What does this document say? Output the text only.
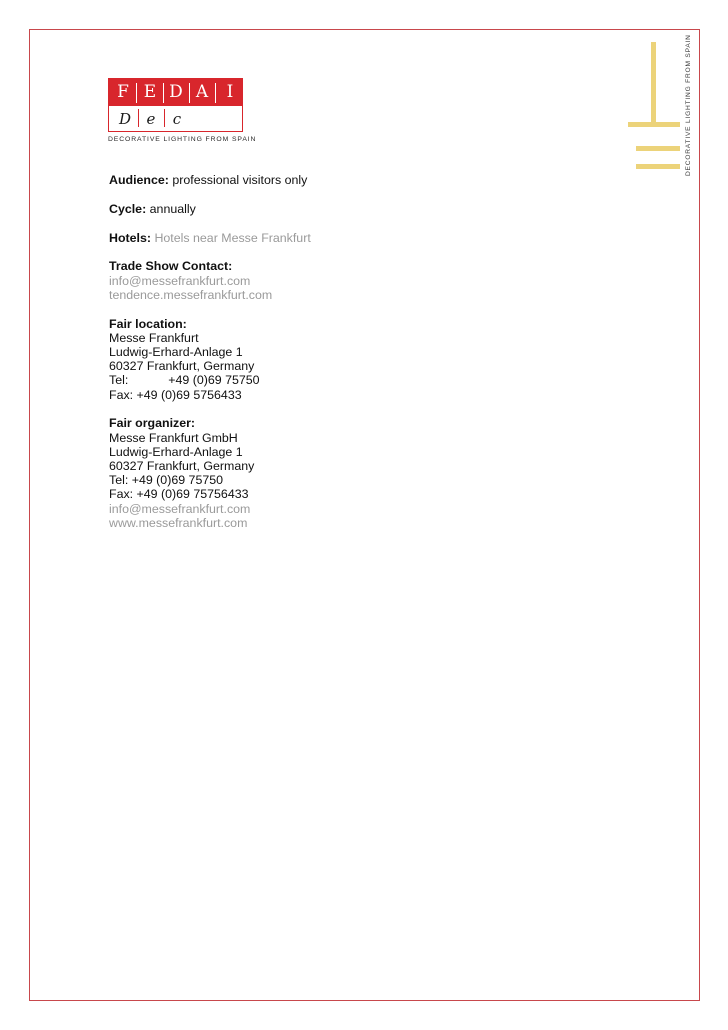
F E D A	I
D	e	c
DECORATIVE LIGHTING FROM SPAIN	DECORATIVE LIGHTING FROM SPAIN

Audience: professional visitors only

Cycle: annually

Hotels: Hotels near Messe Frankfurt

Trade Show Contact:

info@messefrankfurt.com

tendence.messefrankfurt.com

Fair location:

Messe Frankfurt

Ludwig-Erhard-Anlage 1

60327 Frankfurt, Germany

Tel:	+49 (0)69 75750

Fax: +49 (0)69 5756433

Fair organizer:

Messe Frankfurt GmbH

Ludwig-Erhard-Anlage 1

60327 Frankfurt, Germany

Tel: +49 (0)69 75750

Fax: +49 (0)69 75756433

info@messefrankfurt.com

www.messefrankfurt.com
